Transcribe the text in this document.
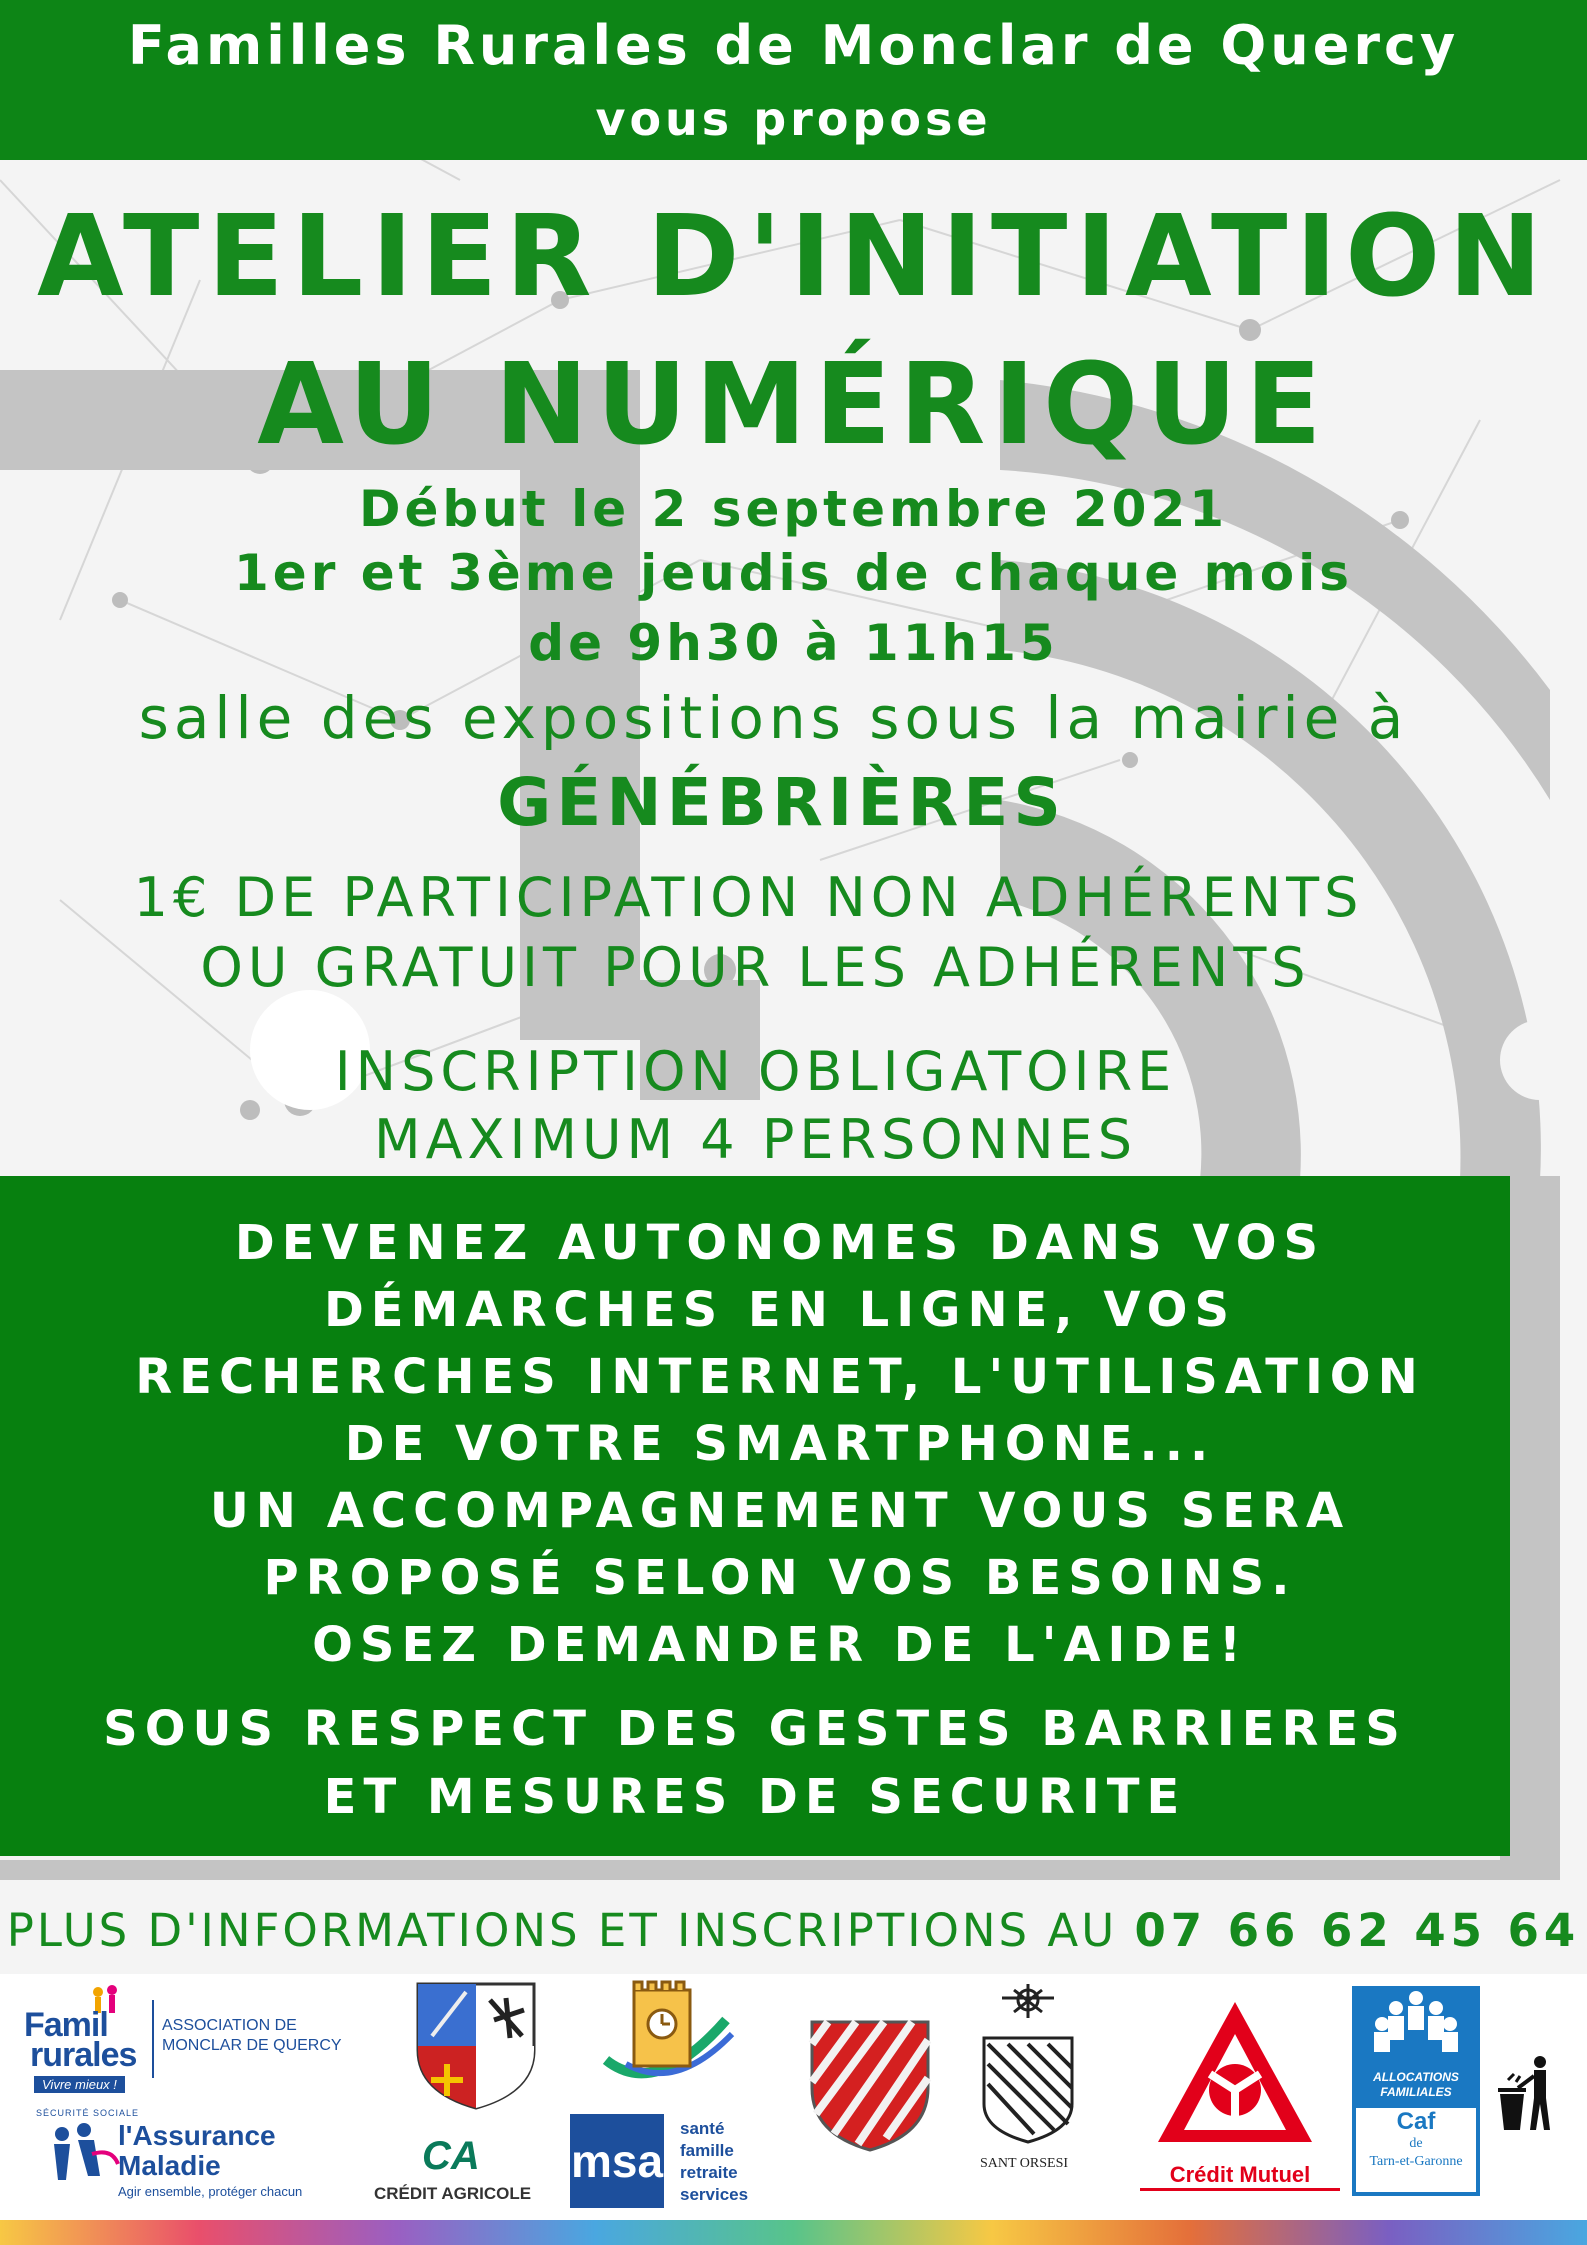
Familles Rurales de Monclar de Quercy
vous propose
ATELIER D'INITIATION
AU NUMÉRIQUE
Début le 2 septembre 2021
1er et 3ème jeudis de chaque mois
de 9h30 à 11h15
salle des expositions sous la mairie à
GÉNÉBRIÈRES
1€ DE PARTICIPATION NON ADHÉRENTS
OU GRATUIT POUR LES ADHÉRENTS
INSCRIPTION OBLIGATOIRE
MAXIMUM 4 PERSONNES
DEVENEZ AUTONOMES DANS VOS
DÉMARCHES EN LIGNE, VOS
RECHERCHES INTERNET, L'UTILISATION
DE VOTRE SMARTPHONE...
UN ACCOMPAGNEMENT VOUS SERA
PROPOSÉ SELON VOS BESOINS.
OSEZ DEMANDER DE L'AIDE!
SOUS RESPECT DES GESTES BARRIERES
ET MESURES DE SECURITE
PLUS D'INFORMATIONS ET INSCRIPTIONS AU 07 66 62 45 64
Famil
rurales
Vivre mieux !
ASSOCIATION DE
MONCLAR DE QUERCY
SÉCURITÉ SOCIALE
l'Assurance
Maladie
Agir ensemble, protéger chacun
CA
CRÉDIT AGRICOLE
msa
santé
famille
retraite
services
SANT ORSESI	Crédit Mutuel
ALLOCATIONS
FAMILIALES
Caf
de
Tarn-et-Garonne
